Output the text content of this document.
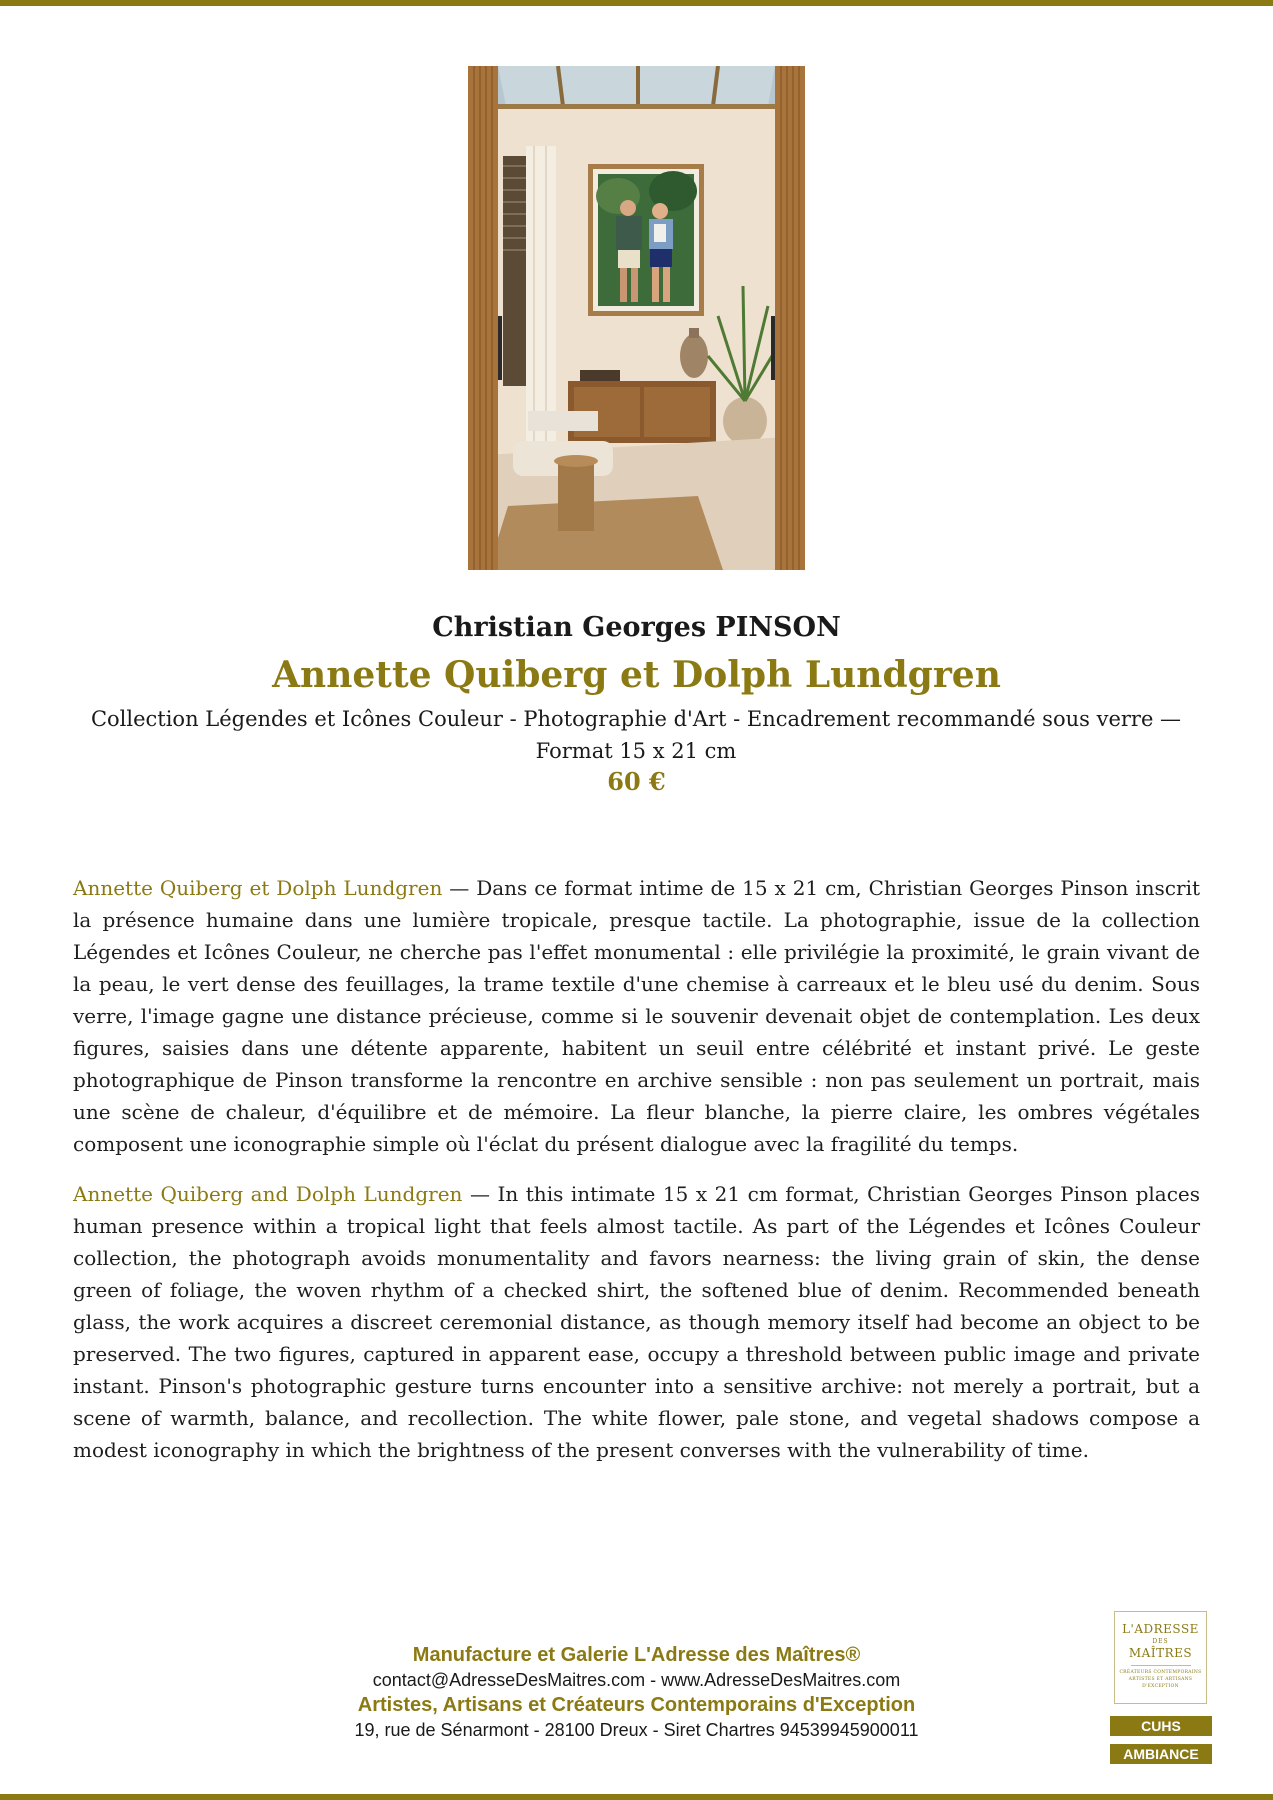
Christian Georges PINSON
Annette Quiberg et Dolph Lundgren
Collection Légendes et Icônes Couleur - Photographie d'Art - Encadrement recommandé sous verre — Format 15 x 21 cm
60 €

Annette Quiberg et Dolph Lundgren — Dans ce format intime de 15 x 21 cm, Christian Georges Pinson inscrit la présence humaine dans une lumière tropicale, presque tactile. La photographie, issue de la collection Légendes et Icônes Couleur, ne cherche pas l'effet monumental : elle privilégie la proximité, le grain vivant de la peau, le vert dense des feuillages, la trame textile d'une chemise à carreaux et le bleu usé du denim. Sous verre, l'image gagne une distance précieuse, comme si le souvenir devenait objet de contemplation. Les deux figures, saisies dans une détente apparente, habitent un seuil entre célébrité et instant privé. Le geste photographique de Pinson transforme la rencontre en archive sensible : non pas seulement un portrait, mais une scène de chaleur, d'équilibre et de mémoire. La fleur blanche, la pierre claire, les ombres végétales composent une iconographie simple où l'éclat du présent dialogue avec la fragilité du temps.

Annette Quiberg and Dolph Lundgren — In this intimate 15 x 21 cm format, Christian Georges Pinson places human presence within a tropical light that feels almost tactile. As part of the Légendes et Icônes Couleur collection, the photograph avoids monumentality and favors nearness: the living grain of skin, the dense green of foliage, the woven rhythm of a checked shirt, the softened blue of denim. Recommended beneath glass, the work acquires a discreet ceremonial distance, as though memory itself had become an object to be preserved. The two figures, captured in apparent ease, occupy a threshold between public image and private instant. Pinson's photographic gesture turns encounter into a sensitive archive: not merely a portrait, but a scene of warmth, balance, and recollection. The white flower, pale stone, and vegetal shadows compose a modest iconography in which the brightness of the present converses with the vulnerability of time.

Manufacture et Galerie L'Adresse des Maîtres®
contact@AdresseDesMaitres.com - www.AdresseDesMaitres.com
Artistes, Artisans et Créateurs Contemporains d'Exception
19, rue de Sénarmont - 28100 Dreux - Siret Chartres 94539945900011
L'ADRESSE
DES
MAÎTRES
CRÉATEURS CONTEMPORAINS ARTISTES ET ARTISANS D'EXCEPTION
CUHS
AMBIANCE
